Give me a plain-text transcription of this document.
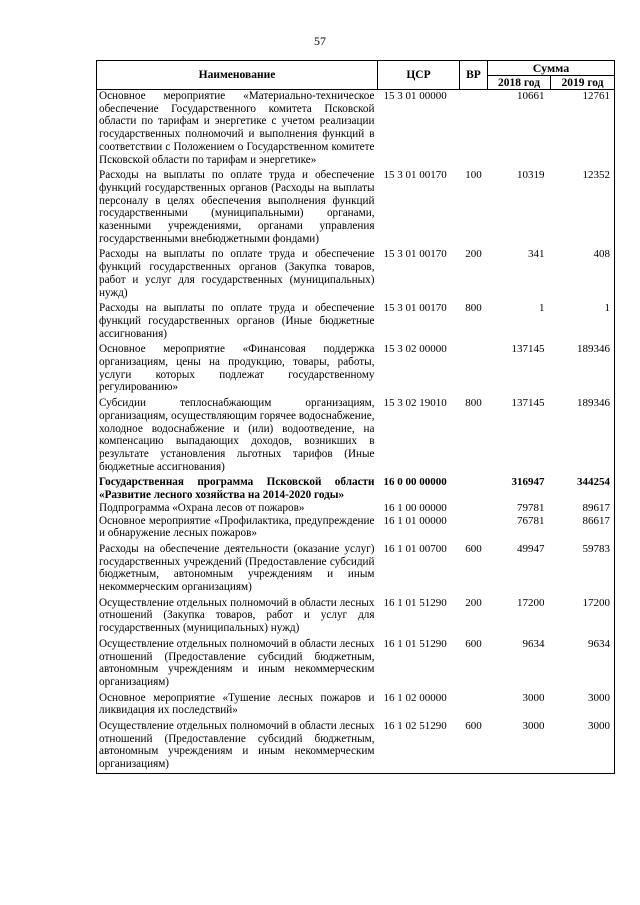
57
Наименование	ЦСР	ВР	Сумма	
			2018 год	2019 год
Основное мероприятие «Материально-техническое обеспечение Государственного комитета Псковской области по тарифам и энергетике с учетом реализации государственных полномочий и выполнения функций в соответствии с Положением о Государственном комитете Псковской области по тарифам и энергетике»	15 3 01 00000		10661	12761
Расходы на выплаты по оплате труда и обеспечение функций государственных органов (Расходы на выплаты персоналу в целях обеспечения выполнения функций государственными (муниципальными) органами, казенными учреждениями, органами управления государственными внебюджетными фондами)	15 3 01 00170	100	10319	12352
Расходы на выплаты по оплате труда и обеспечение функций государственных органов (Закупка товаров, работ и услуг для государственных (муниципальных) нужд)	15 3 01 00170	200	341	408
Расходы на выплаты по оплате труда и обеспечение функций государственных органов (Иные бюджетные ассигнования)	15 3 01 00170	800	1	1
Основное мероприятие «Финансовая поддержка организациям, цены на продукцию, товары, работы, услуги которых подлежат государственному регулированию»	15 3 02 00000		137145	189346
Субсидии теплоснабжающим организациям, организациям, осуществляющим горячее водоснабжение, холодное водоснабжение и (или) водоотведение, на компенсацию выпадающих доходов, возникших в результате установления льготных тарифов (Иные бюджетные ассигнования)	15 3 02 19010	800	137145	189346
Государственная программа Псковской области «Развитие лесного хозяйства на 2014-2020 годы»	16 0 00 00000		316947	344254
Подпрограмма «Охрана лесов от пожаров»	16 1 00 00000		79781	89617
Основное мероприятие «Профилактика, предупреждение и обнаружение лесных пожаров»	16 1 01 00000		76781	86617
Расходы на обеспечение деятельности (оказание услуг) государственных учреждений (Предоставление субсидий бюджетным, автономным учреждениям и иным некоммерческим организациям)	16 1 01 00700	600	49947	59783
Осуществление отдельных полномочий в области лесных отношений (Закупка товаров, работ и услуг для государственных (муниципальных) нужд)	16 1 01 51290	200	17200	17200
Осуществление отдельных полномочий в области лесных отношений (Предоставление субсидий бюджетным, автономным учреждениям и иным некоммерческим организациям)	16 1 01 51290	600	9634	9634
Основное мероприятие «Тушение лесных пожаров и ликвидация их последствий»	16 1 02 00000		3000	3000
Осуществление отдельных полномочий в области лесных отношений (Предоставление субсидий бюджетным, автономным учреждениям и иным некоммерческим организациям)	16 1 02 51290	600	3000	3000
